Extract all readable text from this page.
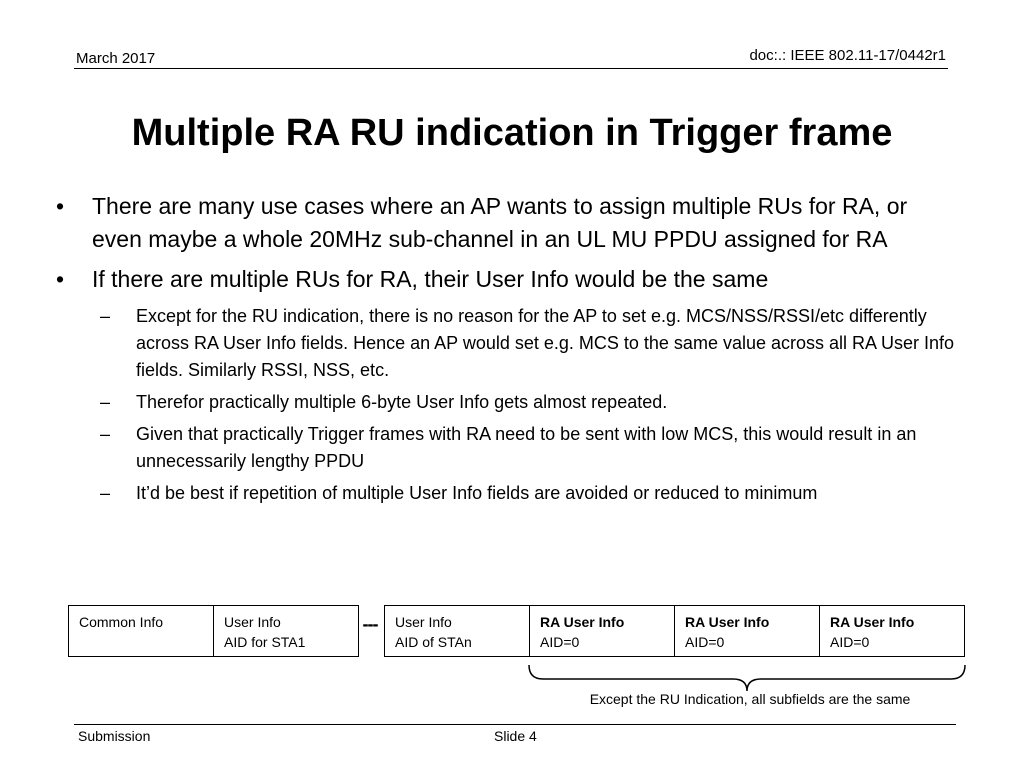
March 2017	doc:.: IEEE 802.11-17/0442r1
Multiple RA RU indication in Trigger frame
• There are many use cases where an AP wants to assign multiple RUs for RA, or even maybe a whole 20MHz sub-channel in an UL MU PPDU assigned for RA
• If there are multiple RUs for RA, their User Info would be the same
– Except for the RU indication, there is no reason for the AP to set e.g. MCS/NSS/RSSI/etc differently across RA User Info fields. Hence an AP would set e.g. MCS to the same value across all RA User Info fields. Similarly RSSI, NSS, etc.
– Therefor practically multiple 6-byte User Info gets almost repeated.
– Given that practically Trigger frames with RA need to be sent with low MCS, this would result in an unnecessarily lengthy PPDU
– It’d be best if repetition of multiple User Info fields are avoided or reduced to minimum
Common Info	User Info
AID for STA1
---	User Info
AID of STAn
RA User Info
AID=0
RA User Info
AID=0
RA User Info
AID=0
Except the RU Indication, all subfields are the same
Submission	Slide 4
